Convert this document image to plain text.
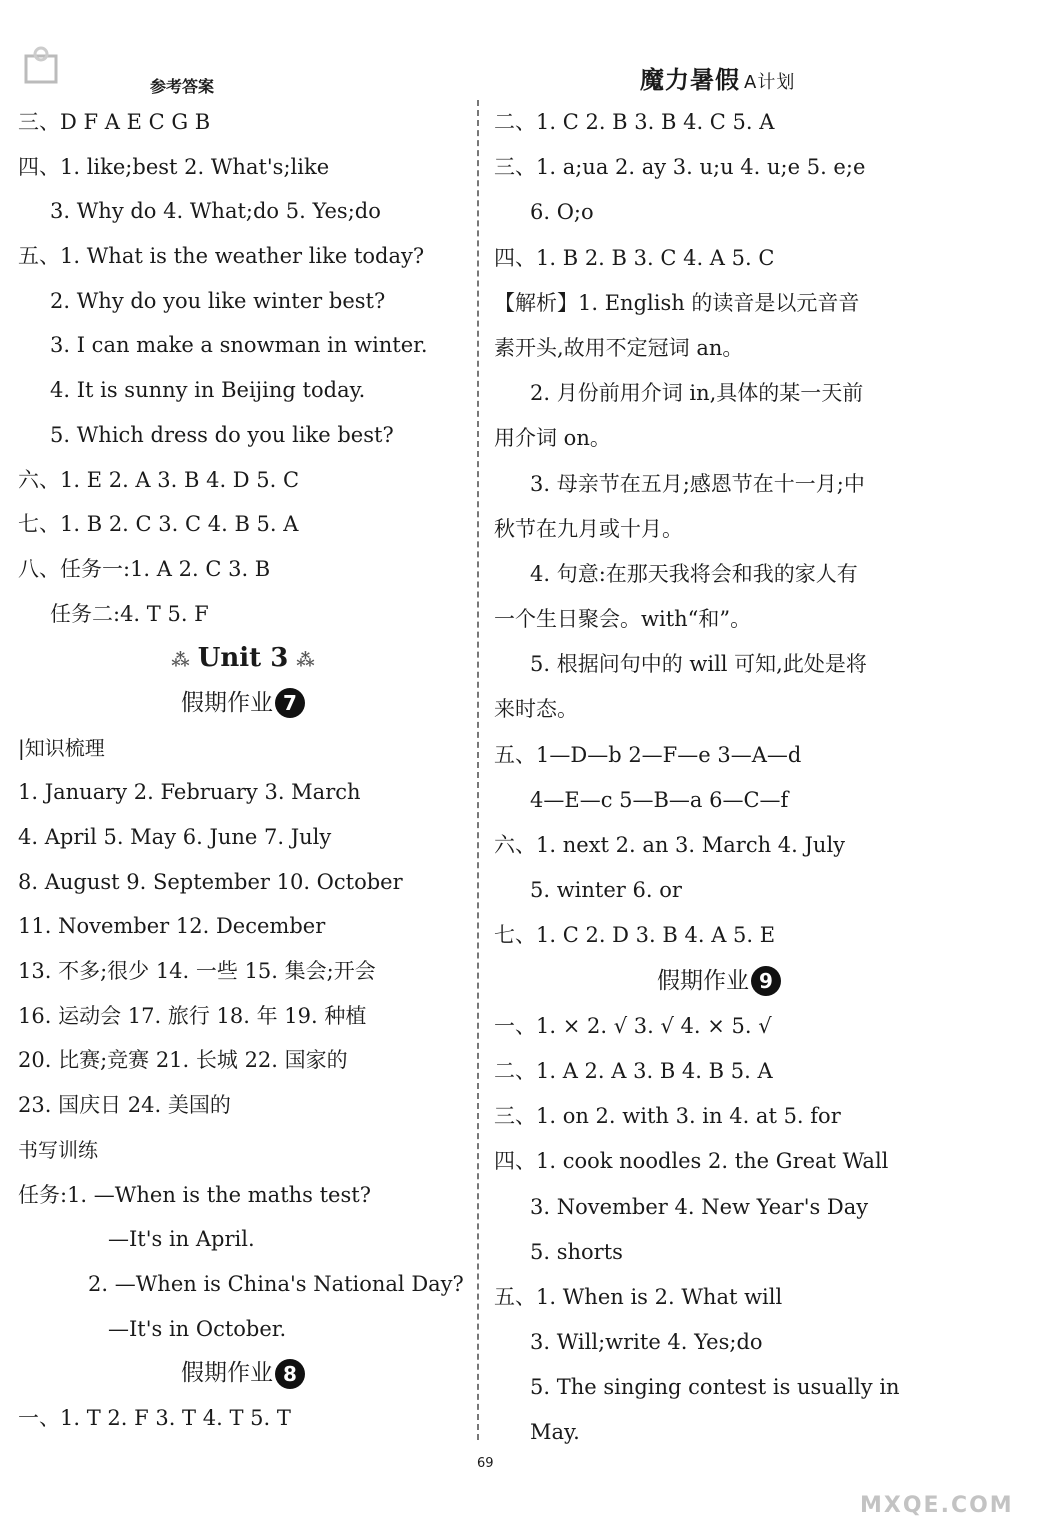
参考答案	魔力暑假 A计划
三、D F A E C G B
四、1. like;best 2. What's;like
3. Why do 4. What;do 5. Yes;do
五、1. What is the weather like today?
2. Why do you like winter best?
3. I can make a snowman in winter.
4. It is sunny in Beijing today.
5. Which dress do you like best?
六、1. E 2. A 3. B 4. D 5. C
七、1. B 2. C 3. C 4. B 5. A
八、任务一:1. A 2. C 3. B
任务二:4. T 5. F
⁂ Unit 3 ⁂
假期作业 7
|知识梳理
1. January 2. February 3. March
4. April 5. May 6. June 7. July
8. August 9. September 10. October
11. November 12. December
13. 不多;很少 14. 一些 15. 集会;开会
16. 运动会 17. 旅行 18. 年 19. 种植
20. 比赛;竞赛 21. 长城 22. 国家的
23. 国庆日 24. 美国的
书写训练
任务:1. —When is the maths test?
—It's in April.
2. —When is China's National Day?
—It's in October.
假期作业 8
一、1. T 2. F 3. T 4. T 5. T
二、1. C 2. B 3. B 4. C 5. A
三、1. a;ua 2. ay 3. u;u 4. u;e 5. e;e
6. O;o
四、1. B 2. B 3. C 4. A 5. C
【解析】1. English 的读音是以元音音
素开头,故用不定冠词 an。
2. 月份前用介词 in,具体的某一天前
用介词 on。
3. 母亲节在五月;感恩节在十一月;中
秋节在九月或十月。
4. 句意:在那天我将会和我的家人有
一个生日聚会。with“和”。
5. 根据问句中的 will 可知,此处是将
来时态。
五、1—D—b 2—F—e 3—A—d
4—E—c 5—B—a 6—C—f
六、1. next 2. an 3. March 4. July
5. winter 6. or
七、1. C 2. D 3. B 4. A 5. E
假期作业 9
一、1. × 2. √ 3. √ 4. × 5. √
二、1. A 2. A 3. B 4. B 5. A
三、1. on 2. with 3. in 4. at 5. for
四、1. cook noodles 2. the Great Wall
3. November 4. New Year's Day
5. shorts
五、1. When is 2. What will
3. Will;write 4. Yes;do
5. The singing contest is usually in
May.
69
MXQE.COM
